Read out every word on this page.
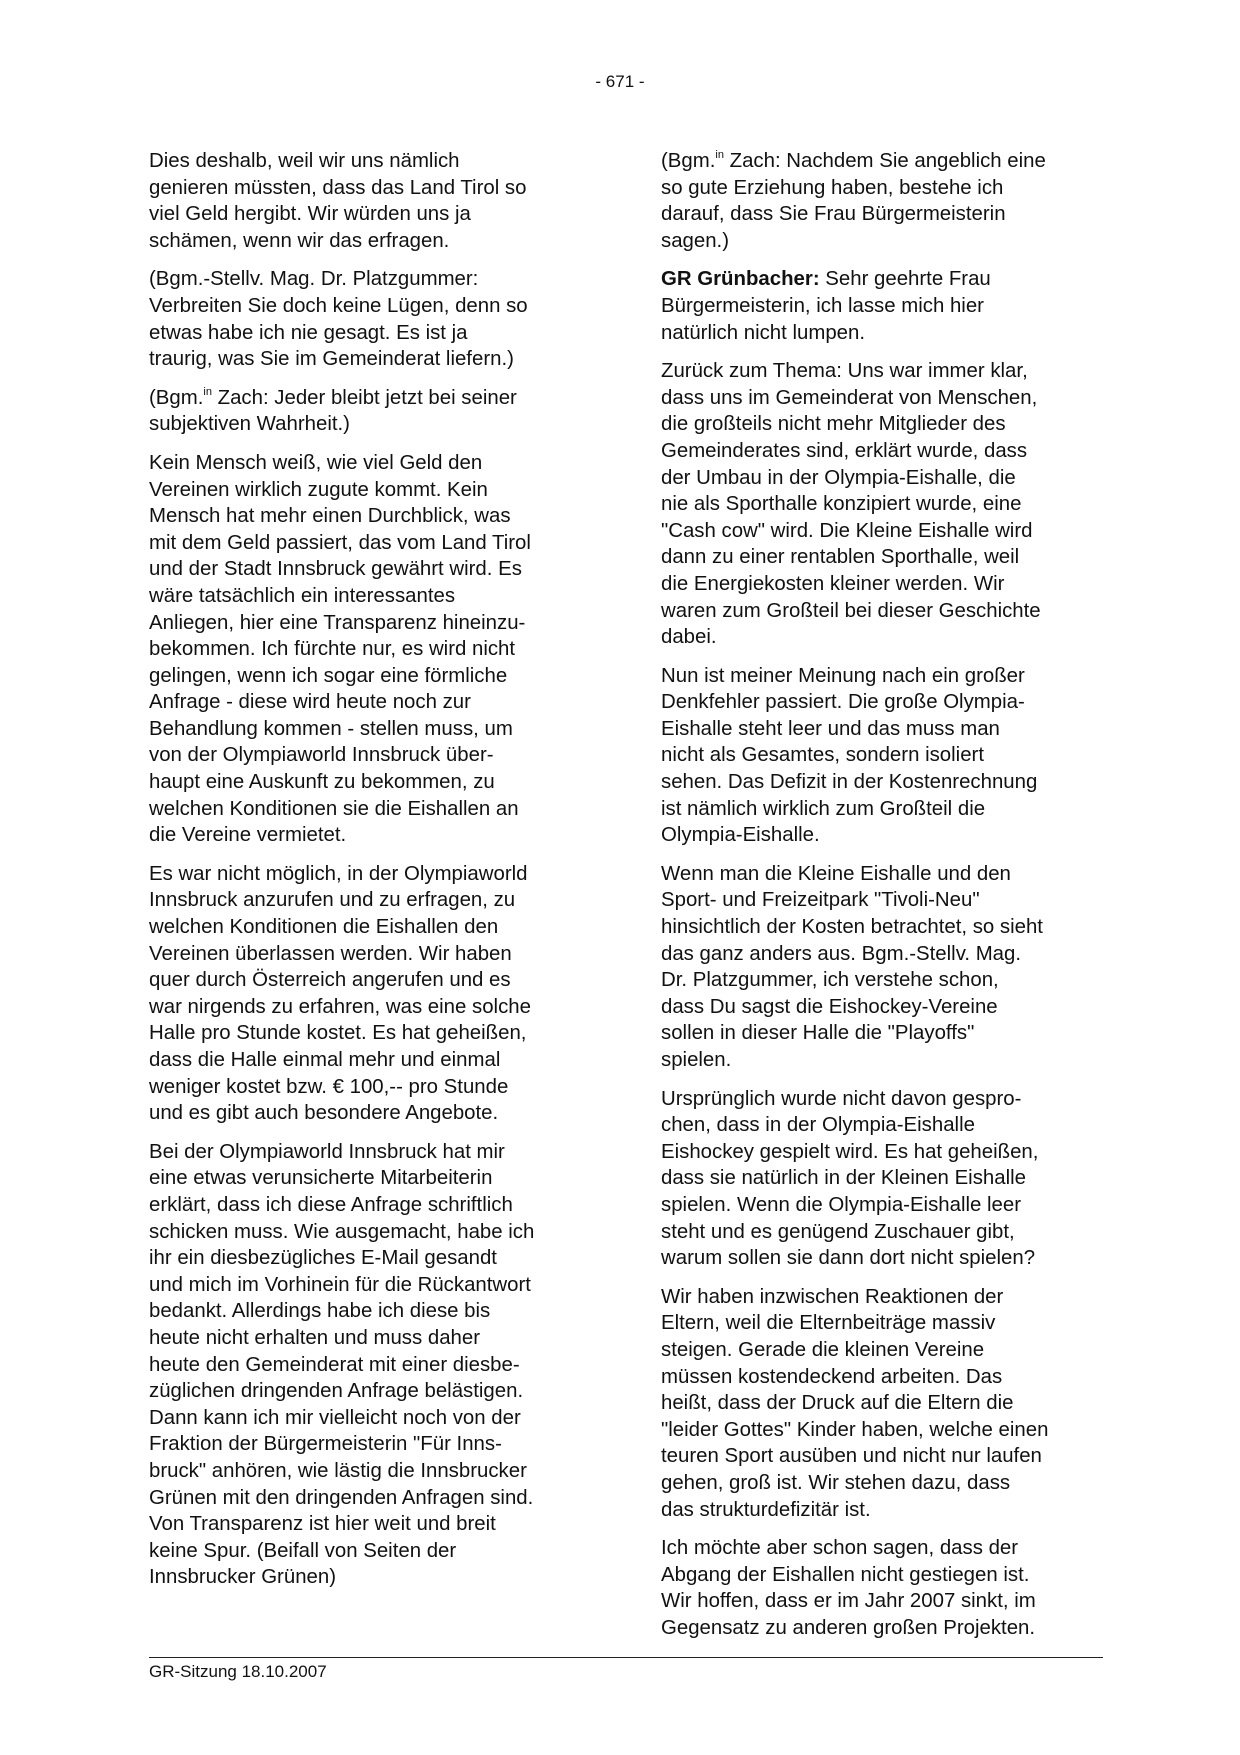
- 671 -

Dies deshalb, weil wir uns nämlich
genieren müssten, dass das Land Tirol so
viel Geld hergibt. Wir würden uns ja
schämen, wenn wir das erfragen.

(Bgm.-Stellv. Mag. Dr. Platzgummer:
Verbreiten Sie doch keine Lügen, denn so
etwas habe ich nie gesagt. Es ist ja
traurig, was Sie im Gemeinderat liefern.)

(Bgm.$^{in}$ Zach: Jeder bleibt jetzt bei seiner
subjektiven Wahrheit.)

Kein Mensch weiß, wie viel Geld den
Vereinen wirklich zugute kommt. Kein
Mensch hat mehr einen Durchblick, was
mit dem Geld passiert, das vom Land Tirol
und der Stadt Innsbruck gewährt wird. Es
wäre tatsächlich ein interessantes
Anliegen, hier eine Transparenz hineinzu-
bekommen. Ich fürchte nur, es wird nicht
gelingen, wenn ich sogar eine förmliche
Anfrage - diese wird heute noch zur
Behandlung kommen - stellen muss, um
von der Olympiaworld Innsbruck über-
haupt eine Auskunft zu bekommen, zu
welchen Konditionen sie die Eishallen an
die Vereine vermietet.

Es war nicht möglich, in der Olympiaworld
Innsbruck anzurufen und zu erfragen, zu
welchen Konditionen die Eishallen den
Vereinen überlassen werden. Wir haben
quer durch Österreich angerufen und es
war nirgends zu erfahren, was eine solche
Halle pro Stunde kostet. Es hat geheißen,
dass die Halle einmal mehr und einmal
weniger kostet bzw. € 100,-- pro Stunde
und es gibt auch besondere Angebote.

Bei der Olympiaworld Innsbruck hat mir
eine etwas verunsicherte Mitarbeiterin
erklärt, dass ich diese Anfrage schriftlich
schicken muss. Wie ausgemacht, habe ich
ihr ein diesbezügliches E-Mail gesandt
und mich im Vorhinein für die Rückantwort
bedankt. Allerdings habe ich diese bis
heute nicht erhalten und muss daher
heute den Gemeinderat mit einer diesbe-
züglichen dringenden Anfrage belästigen.
Dann kann ich mir vielleicht noch von der
Fraktion der Bürgermeisterin "Für Inns-
bruck" anhören, wie lästig die Innsbrucker
Grünen mit den dringenden Anfragen sind.
Von Transparenz ist hier weit und breit
keine Spur. (Beifall von Seiten der
Innsbrucker Grünen)

(Bgm.$^{in}$ Zach: Nachdem Sie angeblich eine
so gute Erziehung haben, bestehe ich
darauf, dass Sie Frau Bürgermeisterin
sagen.)

GR Grünbacher: Sehr geehrte Frau
Bürgermeisterin, ich lasse mich hier
natürlich nicht lumpen.

Zurück zum Thema: Uns war immer klar,
dass uns im Gemeinderat von Menschen,
die großteils nicht mehr Mitglieder des
Gemeinderates sind, erklärt wurde, dass
der Umbau in der Olympia-Eishalle, die
nie als Sporthalle konzipiert wurde, eine
"Cash cow" wird. Die Kleine Eishalle wird
dann zu einer rentablen Sporthalle, weil
die Energiekosten kleiner werden. Wir
waren zum Großteil bei dieser Geschichte
dabei.

Nun ist meiner Meinung nach ein großer
Denkfehler passiert. Die große Olympia-
Eishalle steht leer und das muss man
nicht als Gesamtes, sondern isoliert
sehen. Das Defizit in der Kostenrechnung
ist nämlich wirklich zum Großteil die
Olympia-Eishalle.

Wenn man die Kleine Eishalle und den
Sport- und Freizeitpark "Tivoli-Neu"
hinsichtlich der Kosten betrachtet, so sieht
das ganz anders aus. Bgm.-Stellv. Mag.
Dr. Platzgummer, ich verstehe schon,
dass Du sagst die Eishockey-Vereine
sollen in dieser Halle die "Playoffs"
spielen.

Ursprünglich wurde nicht davon gespro-
chen, dass in der Olympia-Eishalle
Eishockey gespielt wird. Es hat geheißen,
dass sie natürlich in der Kleinen Eishalle
spielen. Wenn die Olympia-Eishalle leer
steht und es genügend Zuschauer gibt,
warum sollen sie dann dort nicht spielen?

Wir haben inzwischen Reaktionen der
Eltern, weil die Elternbeiträge massiv
steigen. Gerade die kleinen Vereine
müssen kostendeckend arbeiten. Das
heißt, dass der Druck auf die Eltern die
"leider Gottes" Kinder haben, welche einen
teuren Sport ausüben und nicht nur laufen
gehen, groß ist. Wir stehen dazu, dass
das strukturdefizitär ist.

Ich möchte aber schon sagen, dass der
Abgang der Eishallen nicht gestiegen ist.
Wir hoffen, dass er im Jahr 2007 sinkt, im
Gegensatz zu anderen großen Projekten.

GR-Sitzung 18.10.2007
